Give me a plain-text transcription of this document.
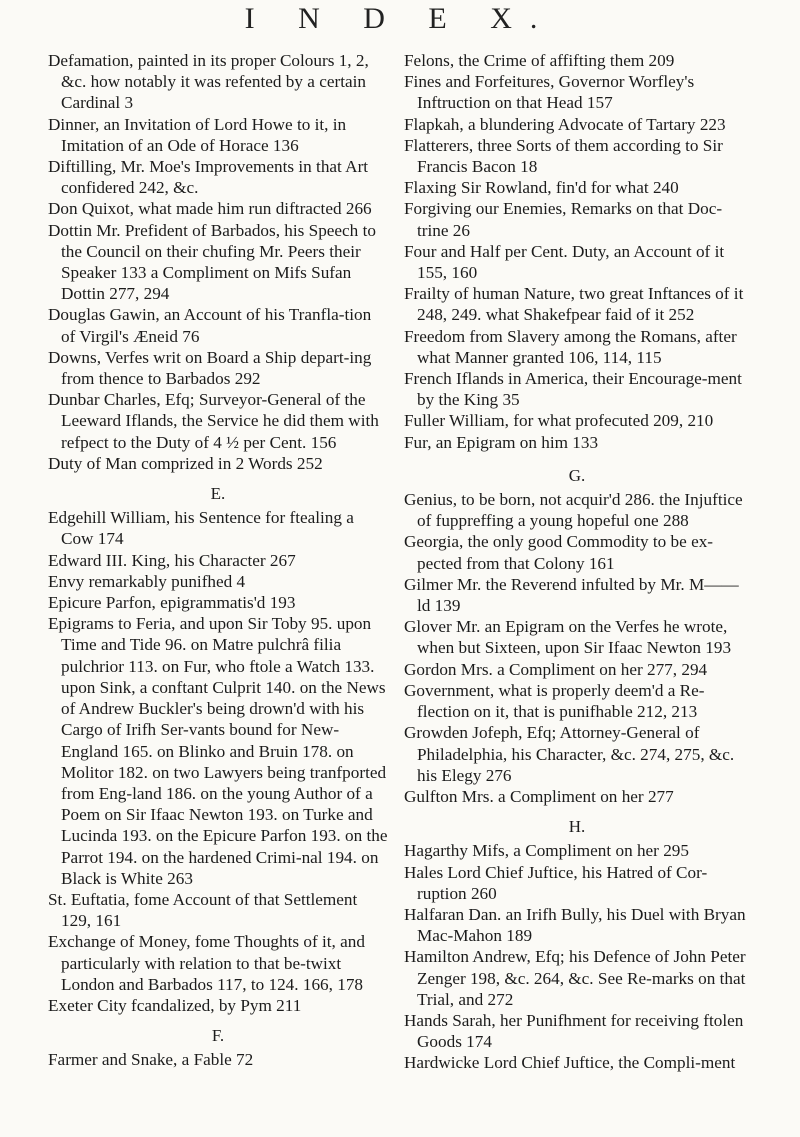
I N D E X.

Defamation, painted in its proper Colours 1, 2, &c. how notably it was refented by a certain Cardinal 3

Dinner, an Invitation of Lord Howe to it, in Imitation of an Ode of Horace 136

Diftilling, Mr. Moe's Improvements in that Art confidered 242, &c.

Don Quixot, what made him run diftracted 266

Dottin Mr. Prefident of Barbados, his Speech to the Council on their chufing Mr. Peers their Speaker 133 a Compliment on Mifs Sufan Dottin 277, 294

Douglas Gawin, an Account of his Tranfla-tion of Virgil's Æneid 76

Downs, Verfes writ on Board a Ship depart-ing from thence to Barbados 292

Dunbar Charles, Efq; Surveyor-General of the Leeward Iflands, the Service he did them with refpect to the Duty of 4 ½ per Cent. 156

Duty of Man comprized in 2 Words 252

E.

Edgehill William, his Sentence for ftealing a Cow 174

Edward III. King, his Character 267

Envy remarkably punifhed 4

Epicure Parfon, epigrammatis'd 193

Epigrams to Feria, and upon Sir Toby 95. upon Time and Tide 96. on Matre pulchrâ filia pulchrior 113. on Fur, who ftole a Watch 133. upon Sink, a conftant Culprit 140. on the News of Andrew Buckler's being drown'd with his Cargo of Irifh Ser-vants bound for New-England 165. on Blinko and Bruin 178. on Molitor 182. on two Lawyers being tranfported from Eng-land 186. on the young Author of a Poem on Sir Ifaac Newton 193. on Turke and Lucinda 193. on the Epicure Parfon 193. on the Parrot 194. on the hardened Crimi-nal 194. on Black is White 263

St. Euftatia, fome Account of that Settlement 129, 161

Exchange of Money, fome Thoughts of it, and particularly with relation to that be-twixt London and Barbados 117, to 124. 166, 178

Exeter City fcandalized, by Pym 211

F.

Farmer and Snake, a Fable 72

Felons, the Crime of affifting them 209

Fines and Forfeitures, Governor Worfley's Inftruction on that Head 157

Flapkah, a blundering Advocate of Tartary 223

Flatterers, three Sorts of them according to Sir Francis Bacon 18

Flaxing Sir Rowland, fin'd for what 240

Forgiving our Enemies, Remarks on that Doc-trine 26

Four and Half per Cent. Duty, an Account of it 155, 160

Frailty of human Nature, two great Inftances of it 248, 249. what Shakefpear faid of it 252

Freedom from Slavery among the Romans, after what Manner granted 106, 114, 115

French Iflands in America, their Encourage-ment by the King 35

Fuller William, for what profecuted 209, 210

Fur, an Epigram on him 133

G.

Genius, to be born, not acquir'd 286. the Injuftice of fuppreffing a young hopeful one 288

Georgia, the only good Commodity to be ex-pected from that Colony 161

Gilmer Mr. the Reverend infulted by Mr. M——ld 139

Glover Mr. an Epigram on the Verfes he wrote, when but Sixteen, upon Sir Ifaac Newton 193

Gordon Mrs. a Compliment on her 277, 294

Government, what is properly deem'd a Re-flection on it, that is punifhable 212, 213

Growden Jofeph, Efq; Attorney-General of Philadelphia, his Character, &c. 274, 275, &c. his Elegy 276

Gulfton Mrs. a Compliment on her 277

H.

Hagarthy Mifs, a Compliment on her 295

Hales Lord Chief Juftice, his Hatred of Cor-ruption 260

Halfaran Dan. an Irifh Bully, his Duel with Bryan Mac-Mahon 189

Hamilton Andrew, Efq; his Defence of John Peter Zenger 198, &c. 264, &c. See Re-marks on that Trial, and 272

Hands Sarah, her Punifhment for receiving ftolen Goods 174

Hardwicke Lord Chief Juftice, the Compli-ment
